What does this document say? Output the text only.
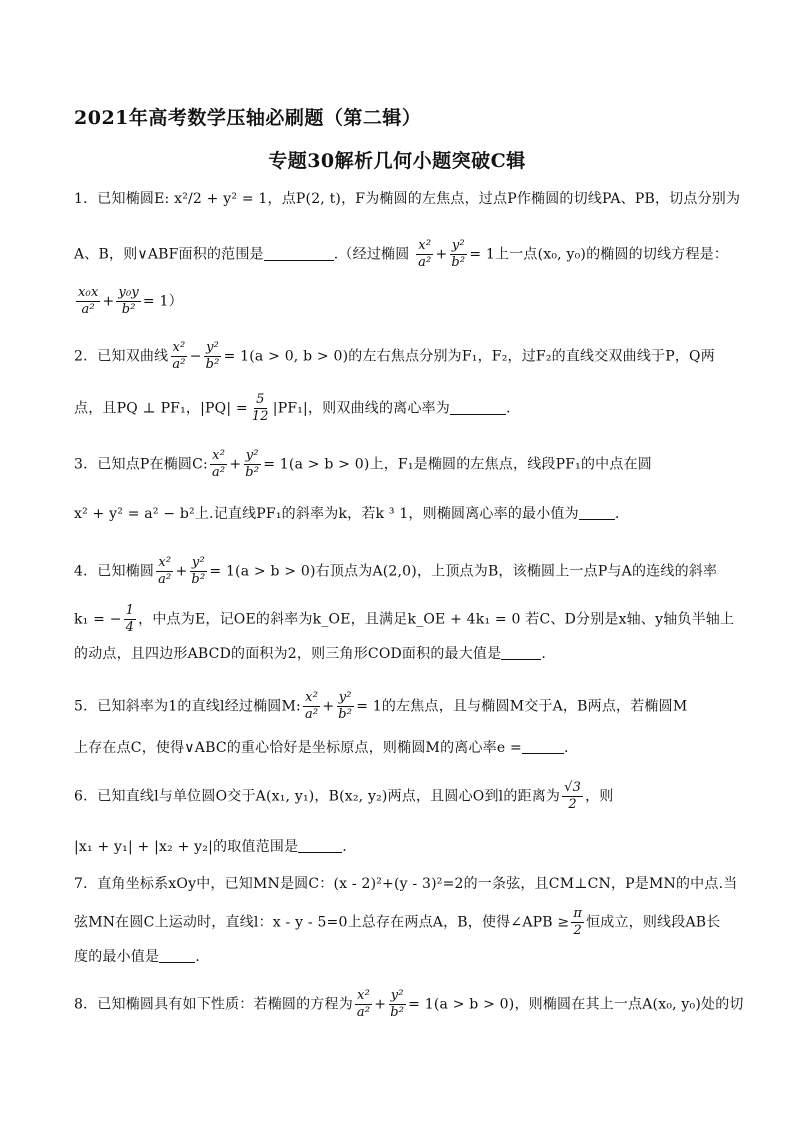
2021年高考数学压轴必刷题（第二辑）
专题30解析几何小题突破C辑
1．已知椭圆E: x²/2 + y² = 1，点P(2, t)，F为椭圆的左焦点，过点P作椭圆的切线PA、PB，切点分别为
A、B，则∨ABF面积的范围是	.（经过椭圆 $\frac{\text{x²}}{\text{a²}} + \frac{\text{y²}}{\text{b²}} = 1$上一点(x₀, y₀)的椭圆的切线方程是：
$\frac{\text{x₀x}}{\text{a²}} + \frac{\text{y₀y}}{\text{b²}} = 1$）
2．已知双曲线 $\frac{\text{x²}}{\text{a²}} - \frac{\text{y²}}{\text{b²}} = 1(a > 0$, b > 0)的左右焦点分别为F₁，F₂，过F₂的直线交双曲线于P，Q两
点，且PQ ⊥ PF₁，$|PQ| = \frac{5}{12} |PF_1|$，则双曲线的离心率为	.
3．已知点P在椭圆C: $\frac{\text{x²}}{\text{a²}} + \frac{\text{y²}}{\text{b²}} = 1(a > b > 0)$上，F₁是椭圆的左焦点，线段PF₁的中点在圆
x² + y² = a² − b²上.记直线PF₁的斜率为k，若k ³ 1，则椭圆离心率的最小值为	.
4．已知椭圆 $\frac{\text{x²}}{\text{a²}} + \frac{\text{y²}}{\text{b²}} = 1(a > b > 0)$右顶点为A(2,0)，上顶点为B，该椭圆上一点P与A的连线的斜率
k₁ = − $\frac{1}{4}$ ，中点为E，记OE的斜率为k_OE，且满足k_OE + 4k₁ = 0 若C、D分别是x轴、y轴负半轴上
的动点，且四边形ABCD的面积为2，则三角形COD面积的最大值是	.
5．已知斜率为1的直线l经过椭圆M: $\frac{\text{x²}}{\text{a²}} + \frac{\text{y²}}{\text{b²}} = 1$的左焦点，且与椭圆M交于A，B两点，若椭圆M
上存在点C，使得∨ABC的重心恰好是坐标原点，则椭圆M的离心率e =	.
6．已知直线l与单位圆O交于A(x₁, y₁)，B(x₂, y₂)两点，且圆心O到l的距离为 $\frac{√3}{2}$ ，则
|x₁ + y₁| + |x₂ + y₂|的取值范围是	.
7．直角坐标系xOy中，已知MN是圆C：(x - 2)²+(y - 3)²=2的一条弦，且CM⊥CN，P是MN的中点.当
弦MN在圆C上运动时，直线l：x - y - 5=0上总存在两点A，B，使得∠APB ≥ $\frac{\pi}{2}$ 恒成立，则线段AB长
度的最小值是	.
8．已知椭圆具有如下性质：若椭圆的方程为 $\frac{\text{x²}}{\text{a²}} + \frac{\text{y²}}{\text{b²}} = 1(a > b > 0)$，则椭圆在其上一点A(x₀, y₀)处的切
